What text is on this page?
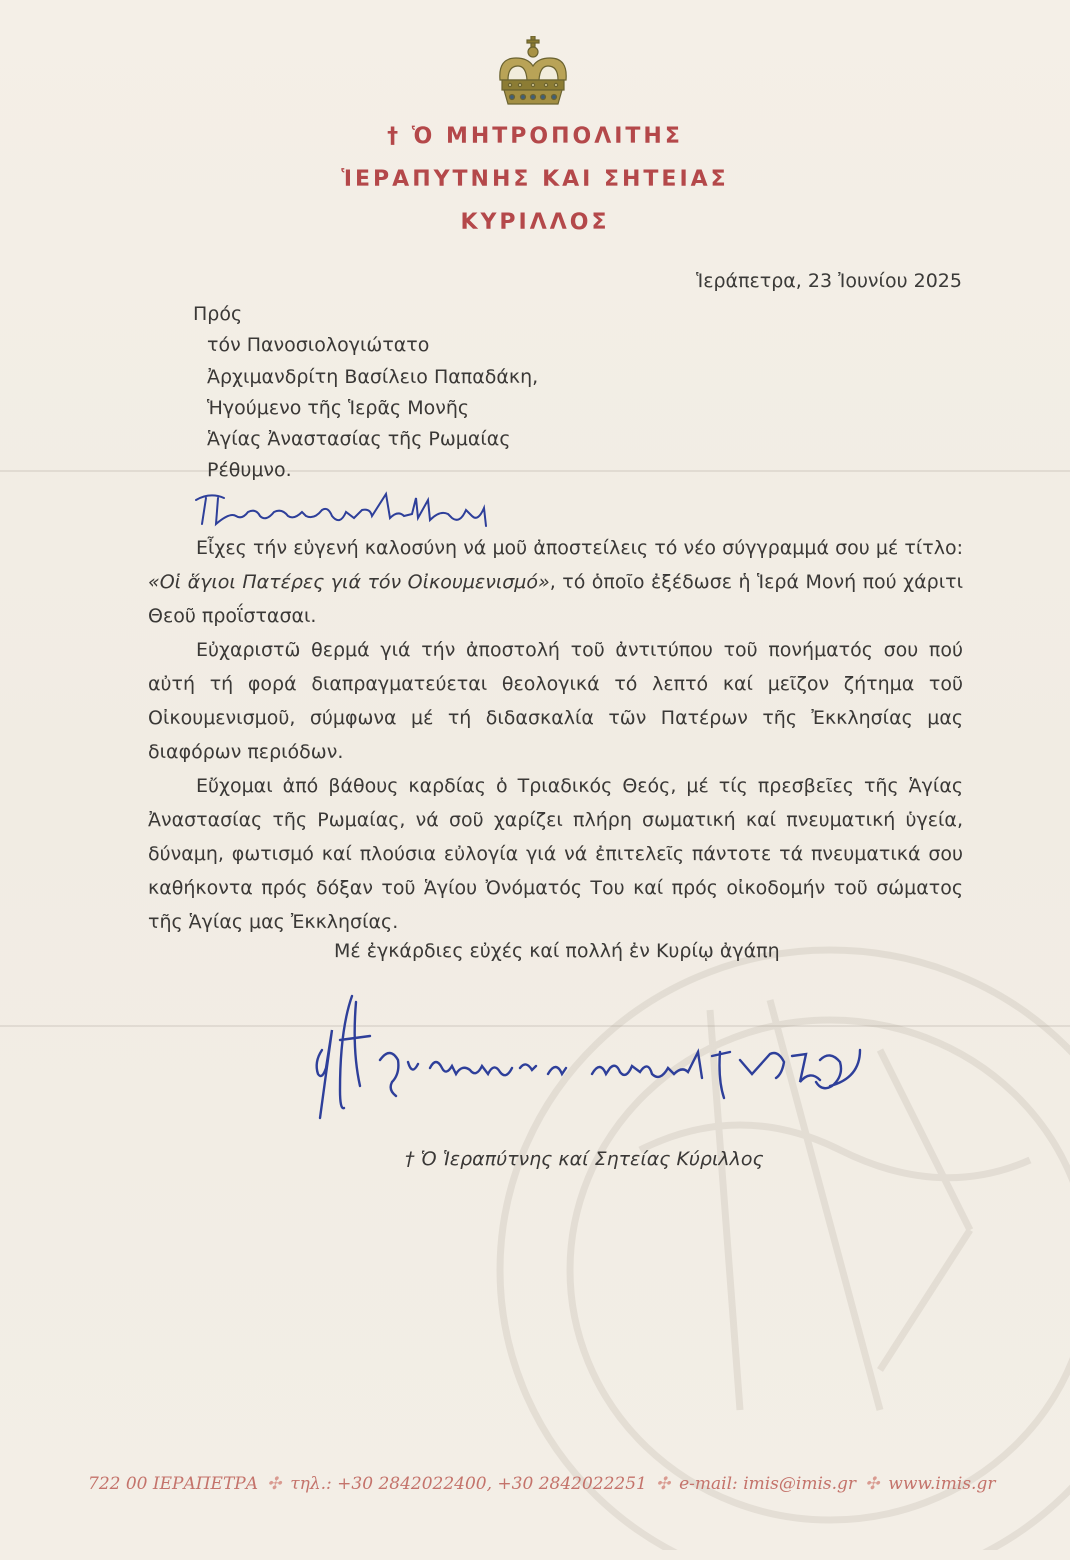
† Ὁ ΜΗΤΡΟΠΟΛΙΤΗΣ
ἹΕΡΑΠΥΤΝΗΣ ΚΑΙ ΣΗΤΕΙΑΣ
ΚΥΡΙΛΛΟΣ
Ἱεράπετρα, 23 Ἰουνίου 2025
Πρός
τόν Πανοσιολογιώτατο
Ἀρχιμανδρίτη Βασίλειο Παπαδάκη,
Ἡγούμενο τῆς Ἱερᾶς Μονῆς
Ἁγίας Ἀναστασίας τῆς Ρωμαίας
Ρέθυμνο.

Εἶχες τήν εὐγενή καλοσύνη νά μοῦ ἀποστείλεις τό νέο σύγγραμμά σου μέ τίτλο: «Οἱ ἅγιοι Πατέρες γιά τόν Οἰκουμενισμό», τό ὁποῖο ἐξέδωσε ἡ Ἱερά Μονή πού χάριτι Θεοῦ προΐστασαι.

Εὐχαριστῶ θερμά γιά τήν ἀποστολή τοῦ ἀντιτύπου τοῦ πονήματός σου πού αὐτή τή φορά διαπραγματεύεται θεολογικά τό λεπτό καί μεῖζον ζήτημα τοῦ Οἰκουμενισμοῦ, σύμφωνα μέ τή διδασκαλία τῶν Πατέρων τῆς Ἐκκλησίας μας διαφόρων περιόδων.

Εὔχομαι ἀπό βάθους καρδίας ὁ Τριαδικός Θεός, μέ τίς πρεσβεῖες τῆς Ἁγίας Ἀναστασίας τῆς Ρωμαίας, νά σοῦ χαρίζει πλήρη σωματική καί πνευματική ὑγεία, δύναμη, φωτισμό καί πλούσια εὐλογία γιά νά ἐπιτελεῖς πάντοτε τά πνευματικά σου καθήκοντα πρός δόξαν τοῦ Ἁγίου Ὀνόματός Του καί πρός οἰκοδομήν τοῦ σώματος τῆς Ἁγίας μας Ἐκκλησίας.

Μέ ἐγκάρδιες εὐχές καί πολλή ἐν Κυρίῳ ἀγάπη
† Ὁ Ἱεραπύτνης καί Σητείας Κύριλλος
722 00 ΙΕΡΑΠΕΤΡΑ ✣ τηλ.: +30 2842022400, +30 2842022251 ✣ e-mail: imis@imis.gr ✣ www.imis.gr
